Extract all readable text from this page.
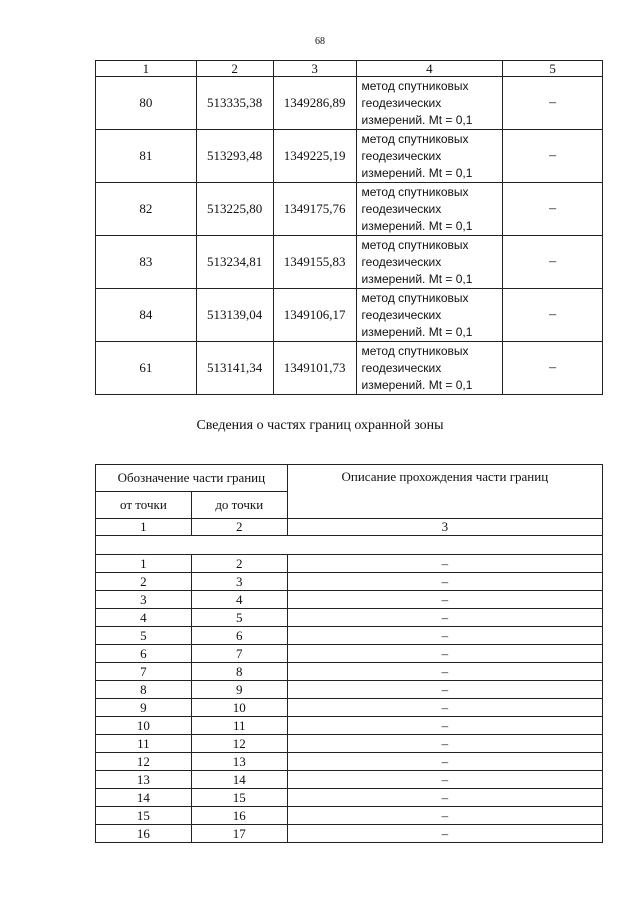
68
1	2	3	4	5
80	513335,38	1349286,89	метод спутниковых
геодезических
измерений. Mt = 0,1	–
81	513293,48	1349225,19	метод спутниковых
геодезических
измерений. Mt = 0,1	–
82	513225,80	1349175,76	метод спутниковых
геодезических
измерений. Mt = 0,1	–
83	513234,81	1349155,83	метод спутниковых
геодезических
измерений. Mt = 0,1	–
84	513139,04	1349106,17	метод спутниковых
геодезических
измерений. Mt = 0,1	–
61	513141,34	1349101,73	метод спутниковых
геодезических
измерений. Mt = 0,1	–
Сведения о частях границ охранной зоны
Обозначение части границ		Описание прохождения части границ
от точки	до точки	
1	2	3

1	2	–
2	3	–
3	4	–
4	5	–
5	6	–
6	7	–
7	8	–
8	9	–
9	10	–
10	11	–
11	12	–
12	13	–
13	14	–
14	15	–
15	16	–
16	17	–
